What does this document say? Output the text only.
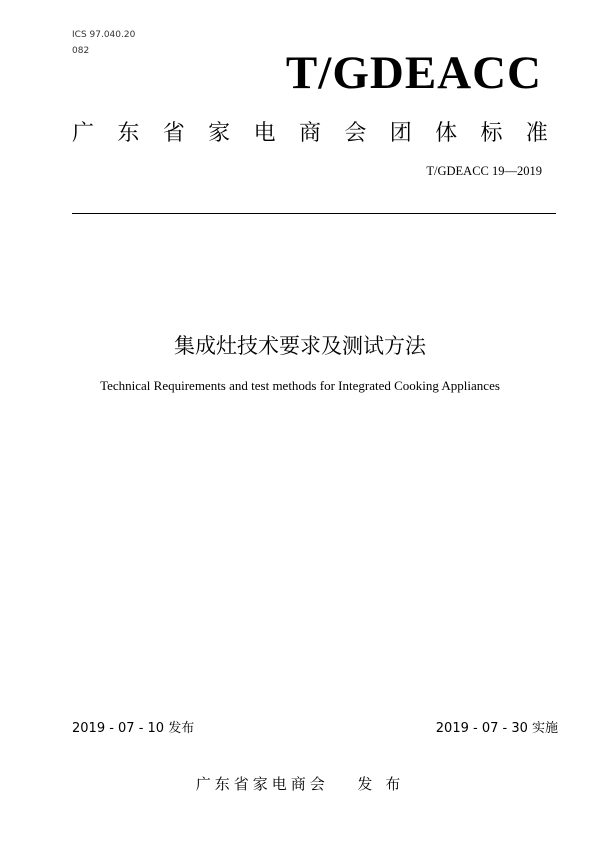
ICS 97.040.20
082	T/GDEACC
广 东 省 家 电 商 会 团 体 标 准
T/GDEACC 19—2019
集成灶技术要求及测试方法
Technical Requirements and test methods for Integrated Cooking Appliances
2019 - 07 - 10 发布	2019 - 07 - 30 实施
广东省家电商会 发 布
